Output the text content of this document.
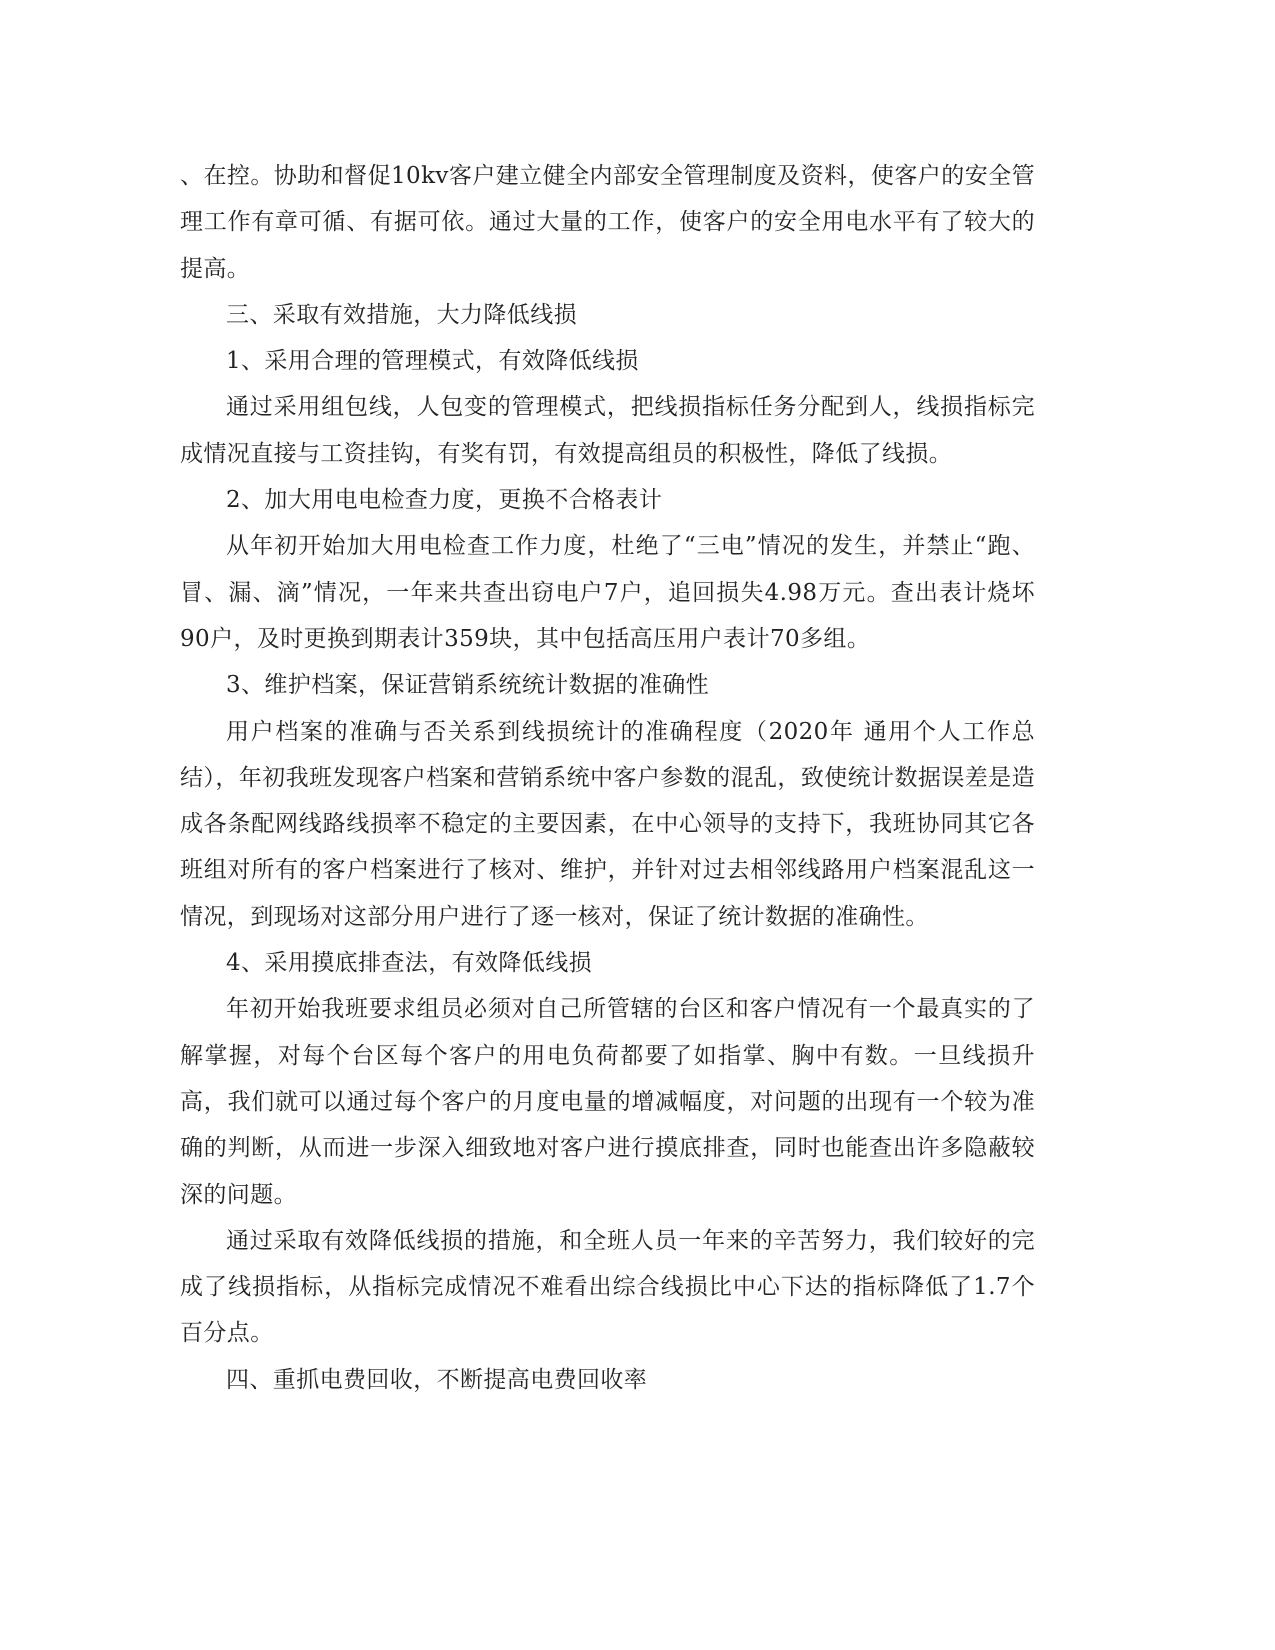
、在控。协助和督促10kv客户建立健全内部安全管理制度及资料，使客户的安全管理工作有章可循、有据可依。通过大量的工作，使客户的安全用电水平有了较大的提高。

三、采取有效措施，大力降低线损

1、采用合理的管理模式，有效降低线损

通过采用组包线，人包变的管理模式，把线损指标任务分配到人，线损指标完成情况直接与工资挂钩，有奖有罚，有效提高组员的积极性，降低了线损。

2、加大用电电检查力度，更换不合格表计

从年初开始加大用电检查工作力度，杜绝了“三电”情况的发生，并禁止“跑、冒、漏、滴”情况，一年来共查出窃电户7户，追回损失4.98万元。查出表计烧坏90户，及时更换到期表计359块，其中包括高压用户表计70多组。

3、维护档案，保证营销系统统计数据的准确性

用户档案的准确与否关系到线损统计的准确程度（2020年 通用个人工作总结），年初我班发现客户档案和营销系统中客户参数的混乱，致使统计数据误差是造成各条配网线路线损率不稳定的主要因素，在中心领导的支持下，我班协同其它各班组对所有的客户档案进行了核对、维护，并针对过去相邻线路用户档案混乱这一情况，到现场对这部分用户进行了逐一核对，保证了统计数据的准确性。

4、采用摸底排查法，有效降低线损

年初开始我班要求组员必须对自己所管辖的台区和客户情况有一个最真实的了解掌握，对每个台区每个客户的用电负荷都要了如指掌、胸中有数。一旦线损升高，我们就可以通过每个客户的月度电量的增减幅度，对问题的出现有一个较为准确的判断，从而进一步深入细致地对客户进行摸底排查，同时也能查出许多隐蔽较深的问题。

通过采取有效降低线损的措施，和全班人员一年来的辛苦努力，我们较好的完成了线损指标，从指标完成情况不难看出综合线损比中心下达的指标降低了1.7个百分点。

四、重抓电费回收，不断提高电费回收率
